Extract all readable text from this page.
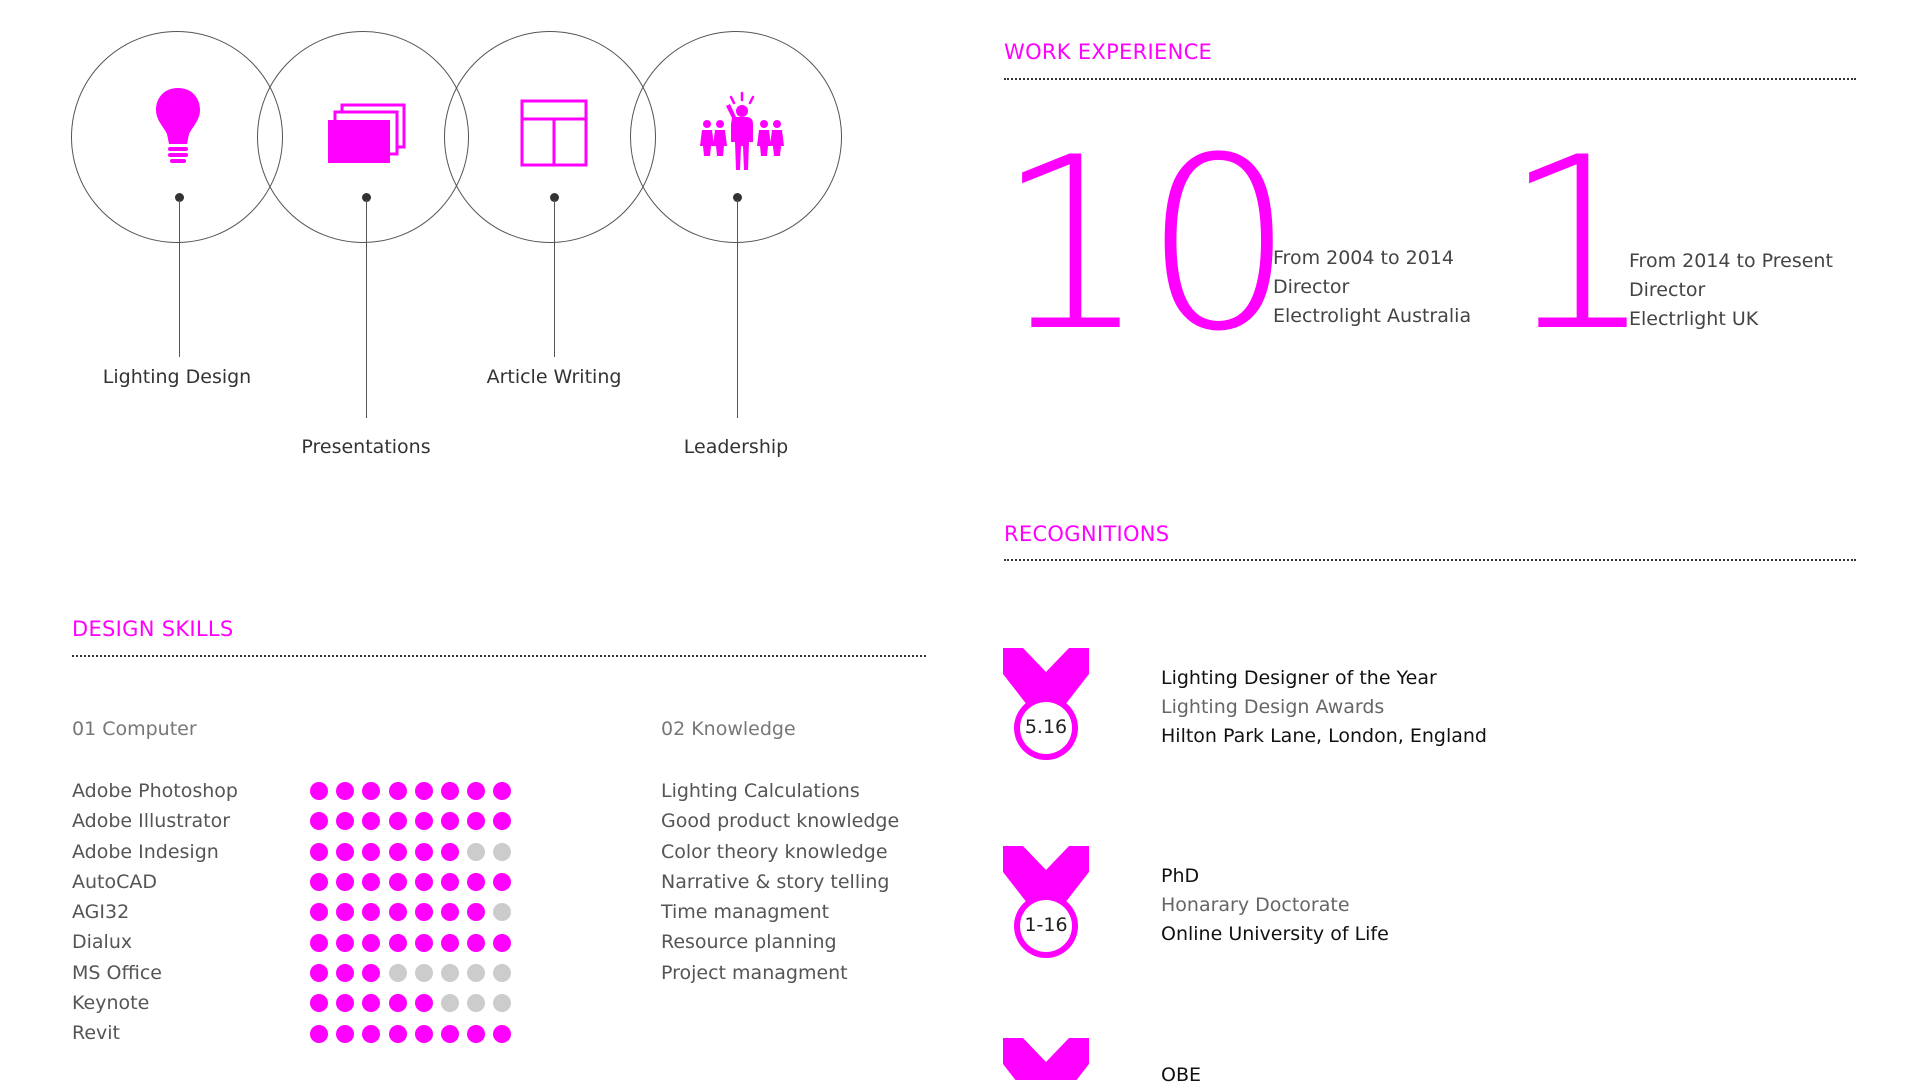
Lighting Design
Presentations
Article Writing
Leadership
WORK EXPERIENCE
10
From 2004 to 2014
Director
Electrolight Australia 1
From 2014 to Present
Director
Electrlight UK
RECOGNITIONS
5.16
Lighting Designer of the Year
Lighting Design Awards
Hilton Park Lane, London, England
1-16
PhD
Honarary Doctorate
Online University of Life
OBE
DESIGN SKILLS
01 Computer	02 Knowledge
Adobe Photoshop
Adobe Illustrator
Adobe Indesign
AutoCAD
AGI32
Dialux
MS Office
Keynote
Revit
Lighting Calculations
Good product knowledge
Color theory knowledge
Narrative & story telling
Time managment
Resource planning
Project managment
